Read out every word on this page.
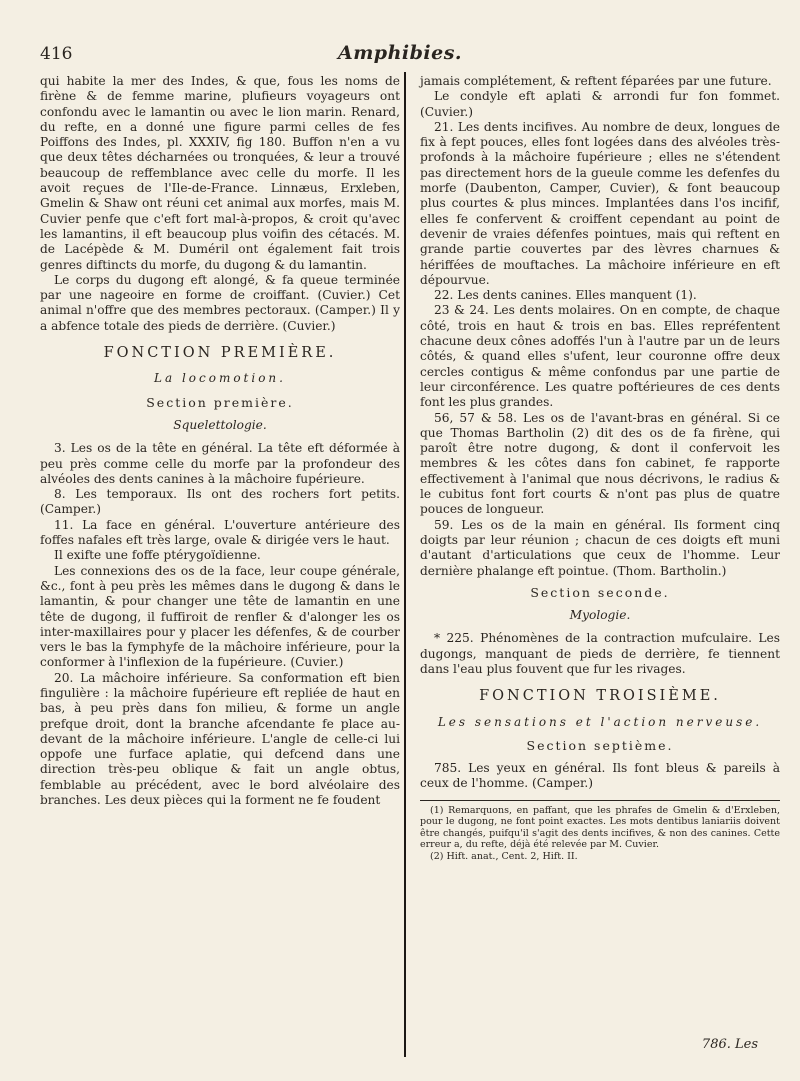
416	Amphibies.

qui habite la mer des Indes, & que, fous les noms de firène & de femme marine, plufieurs voyageurs ont confondu avec le lamantin ou avec le lion marin. Renard, du refte, en a donné une figure parmi celles de fes Poiffons des Indes, pl. XXXIV, fig 180. Buffon n'en a vu que deux têtes décharnées ou tronquées, & leur a trouvé beaucoup de reffemblance avec celle du morfe. Il les avoit reçues de l'Ile-de-France. Linnæus, Erxleben, Gmelin & Shaw ont réuni cet animal aux morfes, mais M. Cuvier penfe que c'eft fort mal-à-propos, & croit qu'avec les lamantins, il eft beaucoup plus voifin des cétacés. M. de Lacépède & M. Duméril ont également fait trois genres diftincts du morfe, du dugong & du lamantin.

Le corps du dugong eft alongé, & fa queue terminée par une nageoire en forme de croiffant. (Cuvier.) Cet animal n'offre que des membres pectoraux. (Camper.) Il y a abfence totale des pieds de derrière. (Cuvier.)

FONCTION PREMIÈRE.
La locomotion.
Section première.
Squelettologie.

3. Les os de la tête en général. La tête eft déformée à peu près comme celle du morfe par la profondeur des alvéoles des dents canines à la mâchoire fupérieure.

8. Les temporaux. Ils ont des rochers fort petits. (Camper.)

11. La face en général. L'ouverture antérieure des foffes nafales eft très large, ovale & dirigée vers le haut.

Il exifte une foffe ptérygoïdienne.

Les connexions des os de la face, leur coupe générale, &c., font à peu près les mêmes dans le dugong & dans le lamantin, & pour changer une tête de lamantin en une tête de dugong, il fuffiroit de renfler & d'alonger les os inter-maxillaires pour y placer les défenfes, & de courber vers le bas la fymphyfe de la mâchoire inférieure, pour la conformer à l'inflexion de la fupérieure. (Cuvier.)

20. La mâchoire inférieure. Sa conformation eft bien fingulière : la mâchoire fupérieure eft repliée de haut en bas, à peu près dans fon milieu, & forme un angle prefque droit, dont la branche afcendante fe place au-devant de la mâchoire inférieure. L'angle de celle-ci lui oppofe une furface aplatie, qui defcend dans une direction très-peu oblique & fait un angle obtus, femblable au précédent, avec le bord alvéolaire des branches. Les deux pièces qui la forment ne fe foudent

jamais complétement, & reftent féparées par une future.

Le condyle eft aplati & arrondi fur fon fommet. (Cuvier.)

21. Les dents incifives. Au nombre de deux, longues de fix à fept pouces, elles font logées dans des alvéoles très-profonds à la mâchoire fupérieure ; elles ne s'étendent pas directement hors de la gueule comme les defenfes du morfe (Daubenton, Camper, Cuvier), & font beaucoup plus courtes & plus minces. Implantées dans l'os incifif, elles fe confervent & croiffent cependant au point de devenir de vraies défenfes pointues, mais qui reftent en grande partie couvertes par des lèvres charnues & hériffées de mouftaches. La mâchoire inférieure en eft dépourvue.

22. Les dents canines. Elles manquent (1).

23 & 24. Les dents molaires. On en compte, de chaque côté, trois en haut & trois en bas. Elles repréfentent chacune deux cônes adoffés l'un à l'autre par un de leurs côtés, & quand elles s'ufent, leur couronne offre deux cercles contigus & même confondus par une partie de leur circonférence. Les quatre poftérieures de ces dents font les plus grandes.

56, 57 & 58. Les os de l'avant-bras en général. Si ce que Thomas Bartholin (2) dit des os de fa firène, qui paroît être notre dugong, & dont il confervoit les membres & les côtes dans fon cabinet, fe rapporte effectivement à l'animal que nous décrivons, le radius & le cubitus font fort courts & n'ont pas plus de quatre pouces de longueur.

59. Les os de la main en général. Ils forment cinq doigts par leur réunion ; chacun de ces doigts eft muni d'autant d'articulations que ceux de l'homme. Leur dernière phalange eft pointue. (Thom. Bartholin.)

Section seconde.
Myologie.

* 225. Phénomènes de la contraction mufculaire. Les dugongs, manquant de pieds de derrière, fe tiennent dans l'eau plus fouvent que fur les rivages.

FONCTION TROISIÈME.
Les sensations et l'action nerveuse.
Section septième.

785. Les yeux en général. Ils font bleus & pareils à ceux de l'homme. (Camper.)

(1) Remarquons, en paffant, que les phrafes de Gmelin & d'Erxleben, pour le dugong, ne font point exactes. Les mots dentibus laniariis doivent être changés, puifqu'il s'agit des dents incifives, & non des canines. Cette erreur a, du refte, déjà été relevée par M. Cuvier.

(2) Hift. anat., Cent. 2, Hift. II.

786. Les
